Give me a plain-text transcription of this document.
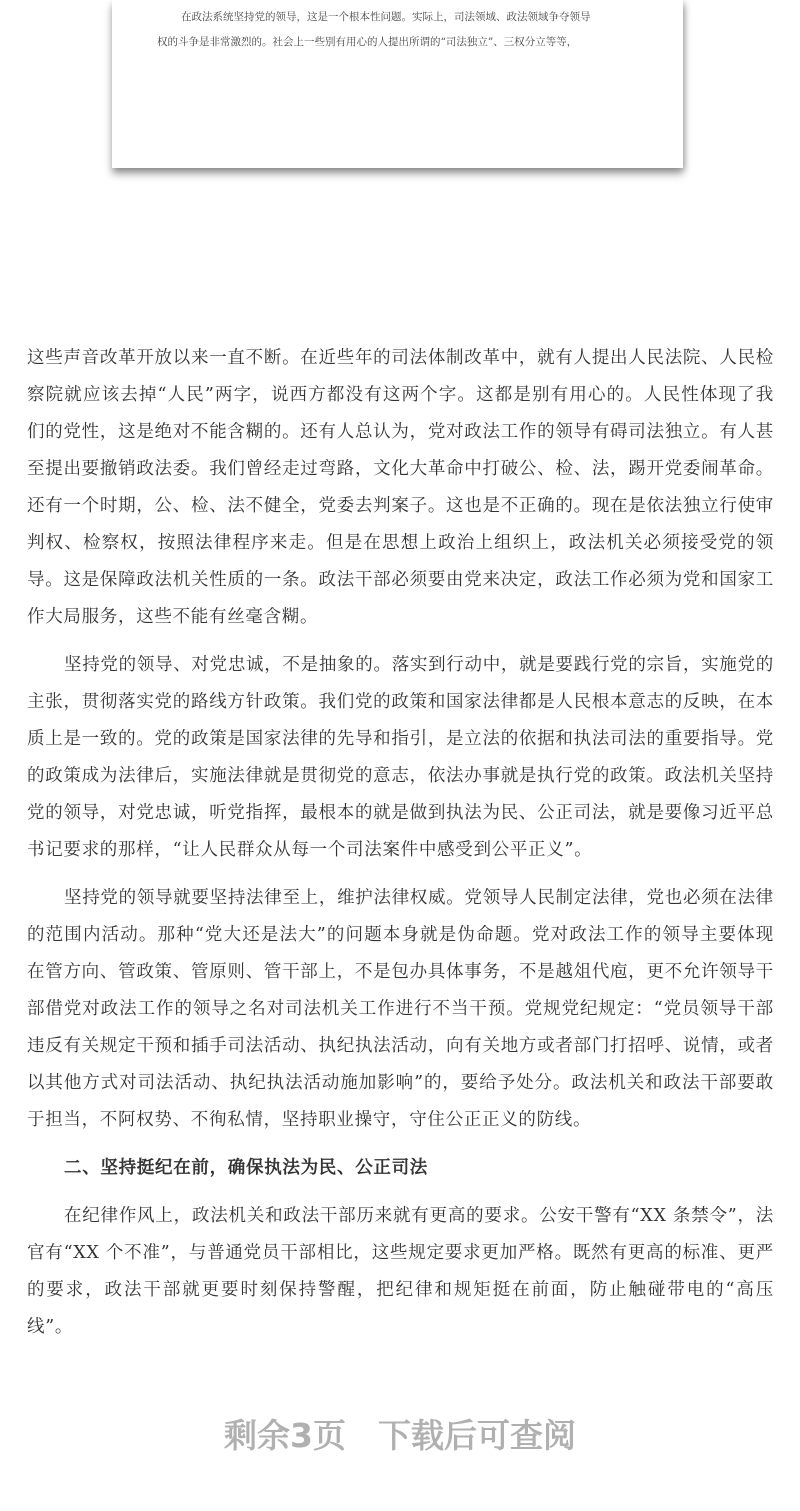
在政法系统坚持党的领导，这是一个根本性问题。实际上，司法领域、政法领域争夺领导

权的斗争是非常激烈的。社会上一些别有用心的人提出所谓的“司法独立”、三权分立等等，

这些声音改革开放以来一直不断。在近些年的司法体制改革中，就有人提出人民法院、人民检察院就应该去掉“人民”两字，说西方都没有这两个字。这都是别有用心的。人民性体现了我们的党性，这是绝对不能含糊的。还有人总认为，党对政法工作的领导有碍司法独立。有人甚至提出要撤销政法委。我们曾经走过弯路，文化大革命中打破公、检、法，踢开党委闹革命。还有一个时期，公、检、法不健全，党委去判案子。这也是不正确的。现在是依法独立行使审判权、检察权，按照法律程序来走。但是在思想上政治上组织上，政法机关必须接受党的领导。这是保障政法机关性质的一条。政法干部必须要由党来决定，政法工作必须为党和国家工作大局服务，这些不能有丝毫含糊。

坚持党的领导、对党忠诚，不是抽象的。落实到行动中，就是要践行党的宗旨，实施党的主张，贯彻落实党的路线方针政策。我们党的政策和国家法律都是人民根本意志的反映，在本质上是一致的。党的政策是国家法律的先导和指引，是立法的依据和执法司法的重要指导。党的政策成为法律后，实施法律就是贯彻党的意志，依法办事就是执行党的政策。政法机关坚持党的领导，对党忠诚，听党指挥，最根本的就是做到执法为民、公正司法，就是要像习近平总书记要求的那样，“让人民群众从每一个司法案件中感受到公平正义”。

坚持党的领导就要坚持法律至上，维护法律权威。党领导人民制定法律，党也必须在法律的范围内活动。那种“党大还是法大”的问题本身就是伪命题。党对政法工作的领导主要体现在管方向、管政策、管原则、管干部上，不是包办具体事务，不是越俎代庖，更不允许领导干部借党对政法工作的领导之名对司法机关工作进行不当干预。党规党纪规定：“党员领导干部违反有关规定干预和插手司法活动、执纪执法活动，向有关地方或者部门打招呼、说情，或者以其他方式对司法活动、执纪执法活动施加影响”的，要给予处分。政法机关和政法干部要敢于担当，不阿权势、不徇私情，坚持职业操守，守住公正正义的防线。

二、坚持挺纪在前，确保执法为民、公正司法

在纪律作风上，政法机关和政法干部历来就有更高的要求。公安干警有“XX 条禁令”，法官有“XX 个不准”，与普通党员干部相比，这些规定要求更加严格。既然有更高的标准、更严的要求，政法干部就更要时刻保持警醒，把纪律和规矩挺在前面，防止触碰带电的“高压线”。

剩余3页 下载后可查阅
